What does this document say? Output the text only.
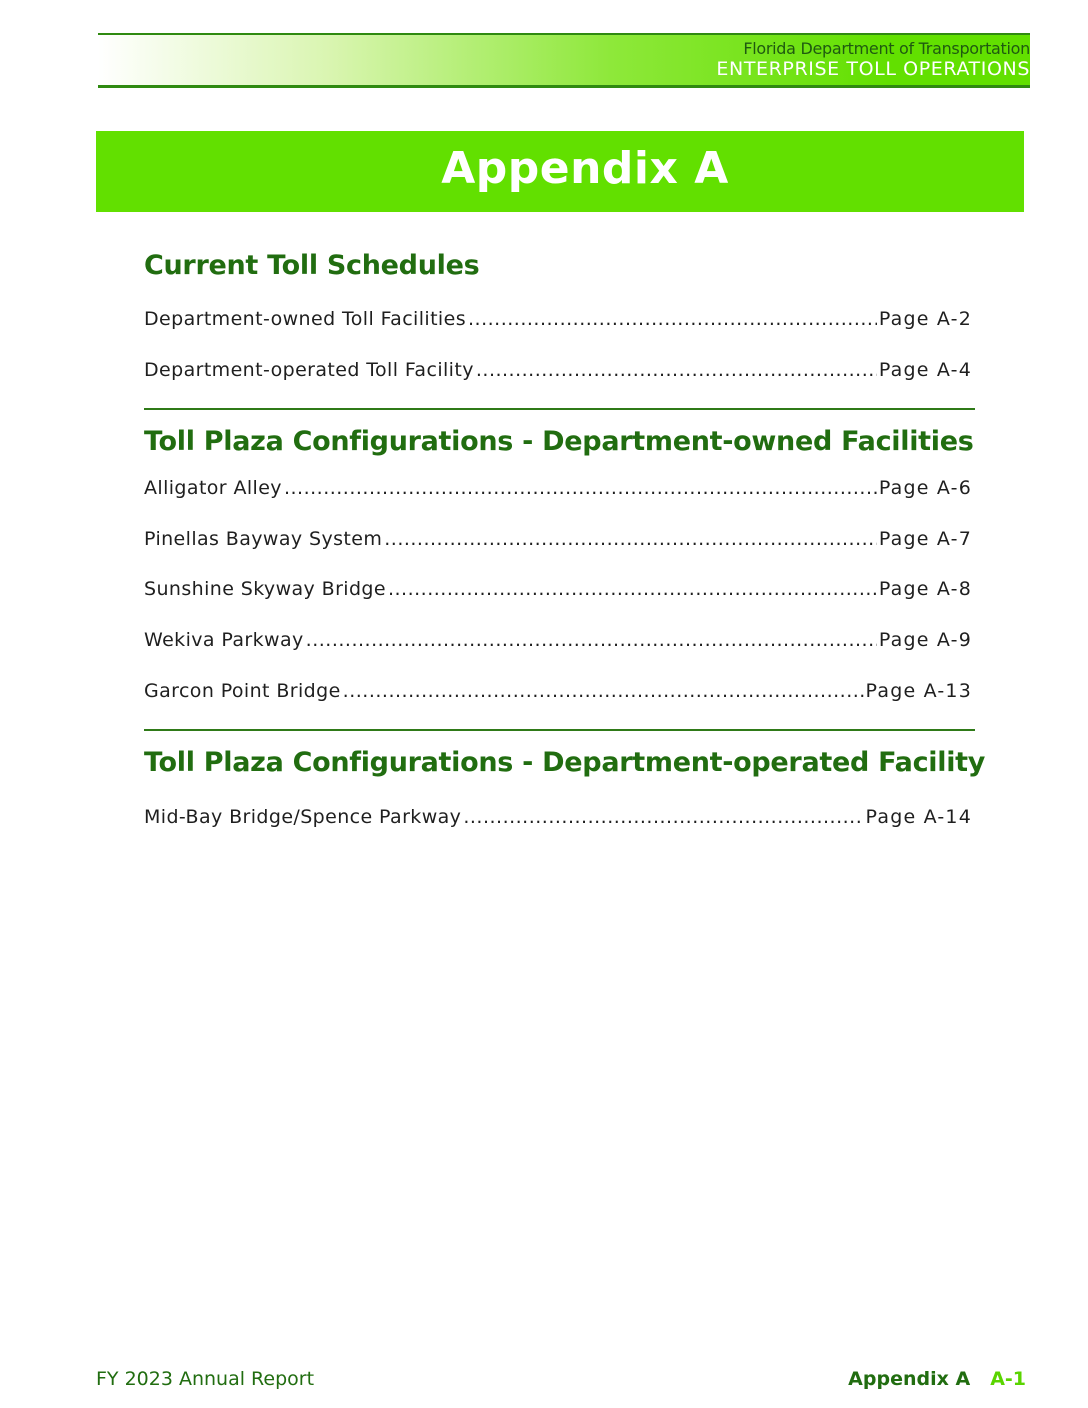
Florida Department of Transportation
ENTERPRISE TOLL OPERATIONS
Appendix A
Current Toll Schedules
Department-owned Toll Facilities .....	Page A-2
Department-operated Toll Facility .....	Page A-4
Toll Plaza Configurations - Department-owned Facilities
Alligator Alley .....	Page A-6
Pinellas Bayway System .....	Page A-7
Sunshine Skyway Bridge .....	Page A-8
Wekiva Parkway .....	Page A-9
Garcon Point Bridge .....	Page A-13
Toll Plaza Configurations - Department-operated Facility
Mid-Bay Bridge/Spence Parkway .....	Page A-14
FY 2023 Annual Report	Appendix A A-1
